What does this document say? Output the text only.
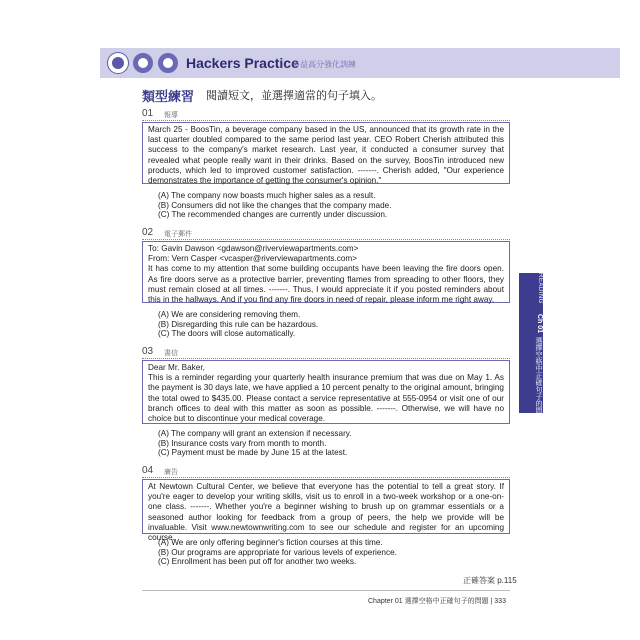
Hackers Practice
多益高分強化訓練
類型練習 閱讀短文，並選擇適當的句子填入。
01 報導
March 25 - BoosTin, a beverage company based in the US, announced that its growth rate in the last quarter doubled compared to the same period last year. CEO Robert Cherish attributed this success to the company's market research. Last year, it conducted a consumer survey that revealed what people really want in their drinks. Based on the survey, BoosTin introduced new products, which led to improved customer satisfaction. -------. Cherish added, "Our experience demonstrates the importance of getting the consumer's opinion."
(A) The company now boasts much higher sales as a result.
(B) Consumers did not like the changes that the company made.
(C) The recommended changes are currently under discussion.
02 電子郵件
To: Gavin Dawson <gdawson@riverviewapartments.com>
From: Vern Casper <vcasper@riverviewapartments.com>
It has come to my attention that some building occupants have been leaving the fire doors open. As fire doors serve as a protective barrier, preventing flames from spreading to other floors, they must remain closed at all times. -------. Thus, I would appreciate it if you posted reminders about this in the hallways. And if you find any fire doors in need of repair, please inform me right away.
(A) We are considering removing them.
(B) Disregarding this rule can be hazardous.
(C) The doors will close automatically.
03 書信
Dear Mr. Baker,
This is a reminder regarding your quarterly health insurance premium that was due on May 1. As the payment is 30 days late, we have applied a 10 percent penalty to the original amount, bringing the total owed to $435.00. Please contact a service representative at 555-0954 or visit one of our branch offices to deal with this matter as soon as possible. -------. Otherwise, we will have no choice but to discontinue your medical coverage.
(A) The company will grant an extension if necessary.
(B) Insurance costs vary from month to month.
(C) Payment must be made by June 15 at the latest.
04 廣告
At Newtown Cultural Center, we believe that everyone has the potential to tell a great story. If you're eager to develop your writing skills, visit us to enroll in a two-week workshop or a one-on-one class. -------. Whether you're a beginner wishing to brush up on grammar essentials or a seasoned author looking for feedback from a group of peers, the help we provide will be invaluable. Visit www.newtownwriting.com to see our schedule and register for an upcoming course.
(A) We are only offering beginner's fiction courses at this time.
(B) Our programs are appropriate for various levels of experience.
(C) Enrollment has been put off for another two weeks.
正確答案 p.115
Chapter 01 選擇空格中正確句子的問題 | 333
READING
Ch 01
選擇空格中正確句子的問題
